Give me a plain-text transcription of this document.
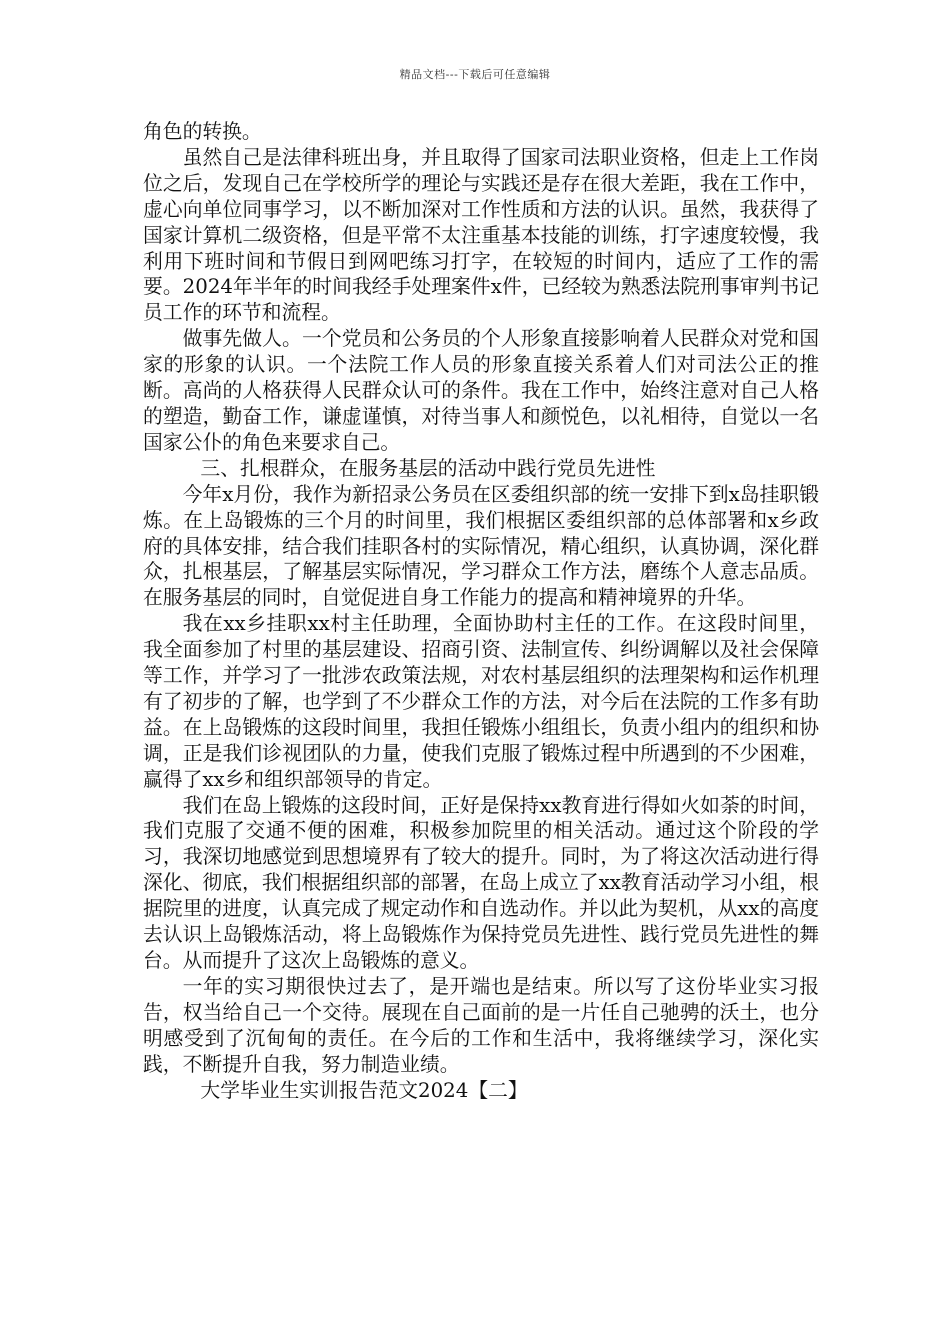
精品文档---下载后可任意编辑

角色的转换。

虽然自己是法律科班出身，并且取得了国家司法职业资格，但走上工作岗位之后，发现自己在学校所学的理论与实践还是存在很大差距，我在工作中，虚心向单位同事学习，以不断加深对工作性质和方法的认识。虽然，我获得了国家计算机二级资格，但是平常不太注重基本技能的训练，打字速度较慢，我利用下班时间和节假日到网吧练习打字，在较短的时间内，适应了工作的需要。2024年半年的时间我经手处理案件x件，已经较为熟悉法院刑事审判书记员工作的环节和流程。

做事先做人。一个党员和公务员的个人形象直接影响着人民群众对党和国家的形象的认识。一个法院工作人员的形象直接关系着人们对司法公正的推断。高尚的人格获得人民群众认可的条件。我在工作中，始终注意对自己人格的塑造，勤奋工作，谦虚谨慎，对待当事人和颜悦色，以礼相待，自觉以一名国家公仆的角色来要求自己。

三、扎根群众，在服务基层的活动中践行党员先进性

今年x月份，我作为新招录公务员在区委组织部的统一安排下到x岛挂职锻炼。在上岛锻炼的三个月的时间里，我们根据区委组织部的总体部署和x乡政府的具体安排，结合我们挂职各村的实际情况，精心组织，认真协调，深化群众，扎根基层，了解基层实际情况，学习群众工作方法，磨练个人意志品质。在服务基层的同时，自觉促进自身工作能力的提高和精神境界的升华。

我在xx乡挂职xx村主任助理，全面协助村主任的工作。在这段时间里，我全面参加了村里的基层建设、招商引资、法制宣传、纠纷调解以及社会保障等工作，并学习了一批涉农政策法规，对农村基层组织的法理架构和运作机理有了初步的了解，也学到了不少群众工作的方法，对今后在法院的工作多有助益。在上岛锻炼的这段时间里，我担任锻炼小组组长，负责小组内的组织和协调，正是我们诊视团队的力量，使我们克服了锻炼过程中所遇到的不少困难，赢得了xx乡和组织部领导的肯定。

我们在岛上锻炼的这段时间，正好是保持xx教育进行得如火如荼的时间，我们克服了交通不便的困难，积极参加院里的相关活动。通过这个阶段的学习，我深切地感觉到思想境界有了较大的提升。同时，为了将这次活动进行得深化、彻底，我们根据组织部的部署，在岛上成立了xx教育活动学习小组，根据院里的进度，认真完成了规定动作和自选动作。并以此为契机，从xx的高度去认识上岛锻炼活动，将上岛锻炼作为保持党员先进性、践行党员先进性的舞台。从而提升了这次上岛锻炼的意义。

一年的实习期很快过去了，是开端也是结束。所以写了这份毕业实习报告，权当给自己一个交待。展现在自己面前的是一片任自己驰骋的沃土，也分明感受到了沉甸甸的责任。在今后的工作和生活中，我将继续学习，深化实践，不断提升自我，努力制造业绩。

大学毕业生实训报告范文2024【二】
